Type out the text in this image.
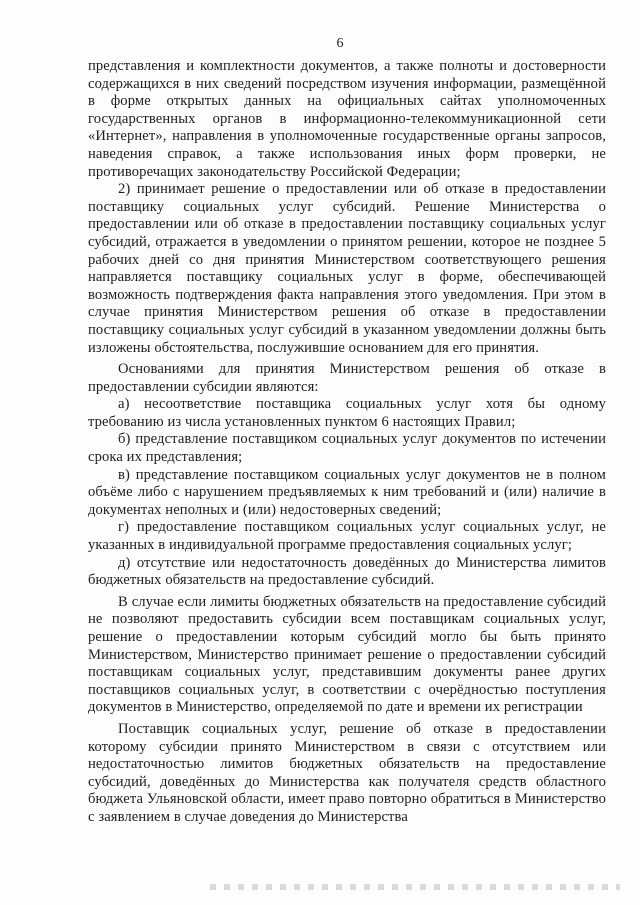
6

представления и комплектности документов, а также полноты и достоверности содержащихся в них сведений посредством изучения информации, размещённой в форме открытых данных на официальных сайтах уполномоченных государственных органов в информационно-телекоммуникационной сети «Интернет», направления в уполномоченные государственные органы запросов, наведения справок, а также использования иных форм проверки, не противоречащих законодательству Российской Федерации;

2) принимает решение о предоставлении или об отказе в предоставлении поставщику социальных услуг субсидий. Решение Министерства о предоставлении или об отказе в предоставлении поставщику социальных услуг субсидий, отражается в уведомлении о принятом решении, которое не позднее 5 рабочих дней со дня принятия Министерством соответствующего решения направляется поставщику социальных услуг в форме, обеспечивающей возможность подтверждения факта направления этого уведомления. При этом в случае принятия Министерством решения об отказе в предоставлении поставщику социальных услуг субсидий в указанном уведомлении должны быть изложены обстоятельства, послужившие основанием для его принятия.

Основаниями для принятия Министерством решения об отказе в предоставлении субсидии являются:

а) несоответствие поставщика социальных услуг хотя бы одному требованию из числа установленных пунктом 6 настоящих Правил;

б) представление поставщиком социальных услуг документов по истечении срока их представления;

в) представление поставщиком социальных услуг документов не в полном объёме либо с нарушением предъявляемых к ним требований и (или) наличие в документах неполных и (или) недостоверных сведений;

г) предоставление поставщиком социальных услуг социальных услуг, не указанных в индивидуальной программе предоставления социальных услуг;

д) отсутствие или недостаточность доведённых до Министерства лимитов бюджетных обязательств на предоставление субсидий.

В случае если лимиты бюджетных обязательств на предоставление субсидий не позволяют предоставить субсидии всем поставщикам социальных услуг, решение о предоставлении которым субсидий могло бы быть принято Министерством, Министерство принимает решение о предоставлении субсидий поставщикам социальных услуг, представившим документы ранее других поставщиков социальных услуг, в соответствии с очерёдностью поступления документов в Министерство, определяемой по дате и времени их регистрации

Поставщик социальных услуг, решение об отказе в предоставлении которому субсидии принято Министерством в связи с отсутствием или недостаточностью лимитов бюджетных обязательств на предоставление субсидий, доведённых до Министерства как получателя средств областного бюджета Ульяновской области, имеет право повторно обратиться в Министерство с заявлением в случае доведения до Министерства
